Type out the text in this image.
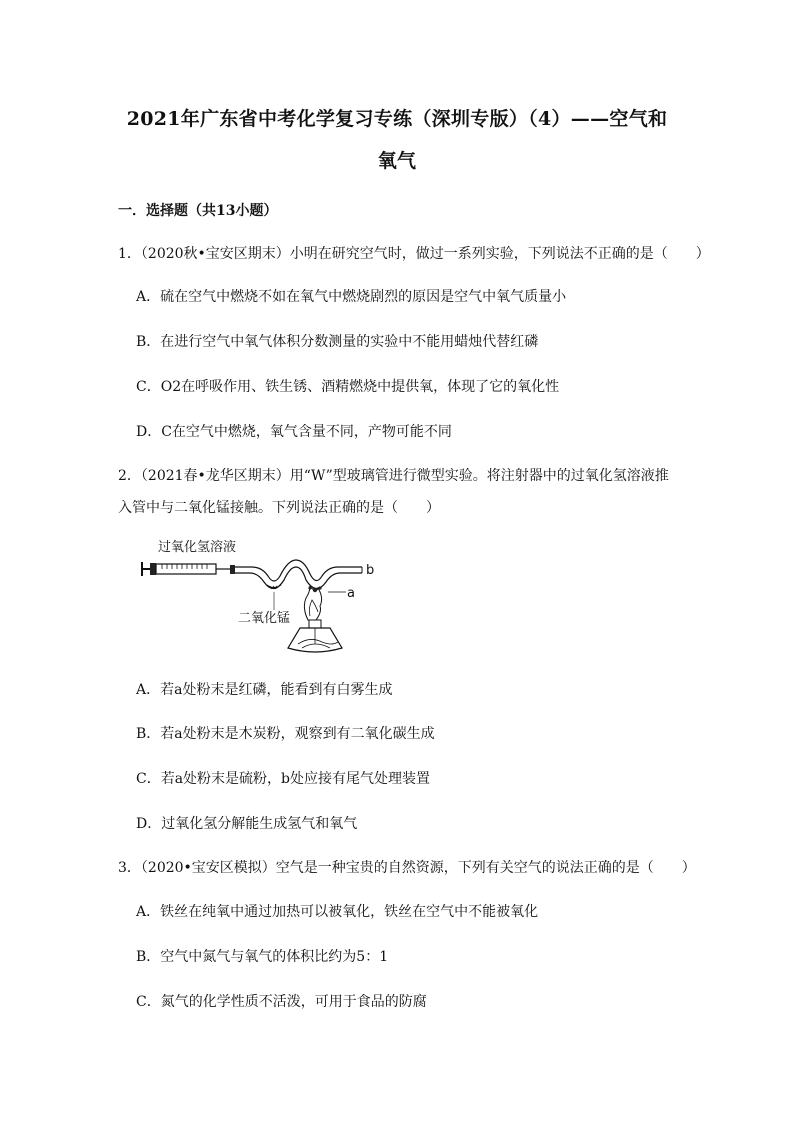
2021年广东省中考化学复习专练（深圳专版）（4）——空气和
氧气
一．选择题（共13小题）
1．（2020秋•宝安区期末）小明在研究空气时，做过一系列实验，下列说法不正确的是（　　）
A．硫在空气中燃烧不如在氧气中燃烧剧烈的原因是空气中氧气质量小
B．在进行空气中氧气体积分数测量的实验中不能用蜡烛代替红磷
C．O2在呼吸作用、铁生锈、酒精燃烧中提供氧，体现了它的氧化性
D．C在空气中燃烧，氧气含量不同，产物可能不同
2．（2021春•龙华区期末）用“W”型玻璃管进行微型实验。将注射器中的过氧化氢溶液推
入管中与二氧化锰接触。下列说法正确的是（　　）
过氧化氢溶液
a
b
二氧化锰
A．若a处粉末是红磷，能看到有白雾生成
B．若a处粉末是木炭粉，观察到有二氧化碳生成
C．若a处粉末是硫粉，b处应接有尾气处理装置
D．过氧化氢分解能生成氢气和氧气
3．（2020•宝安区模拟）空气是一种宝贵的自然资源，下列有关空气的说法正确的是（　　）
A．铁丝在纯氧中通过加热可以被氧化，铁丝在空气中不能被氧化
B．空气中氮气与氧气的体积比约为5：1
C．氮气的化学性质不活泼，可用于食品的防腐
